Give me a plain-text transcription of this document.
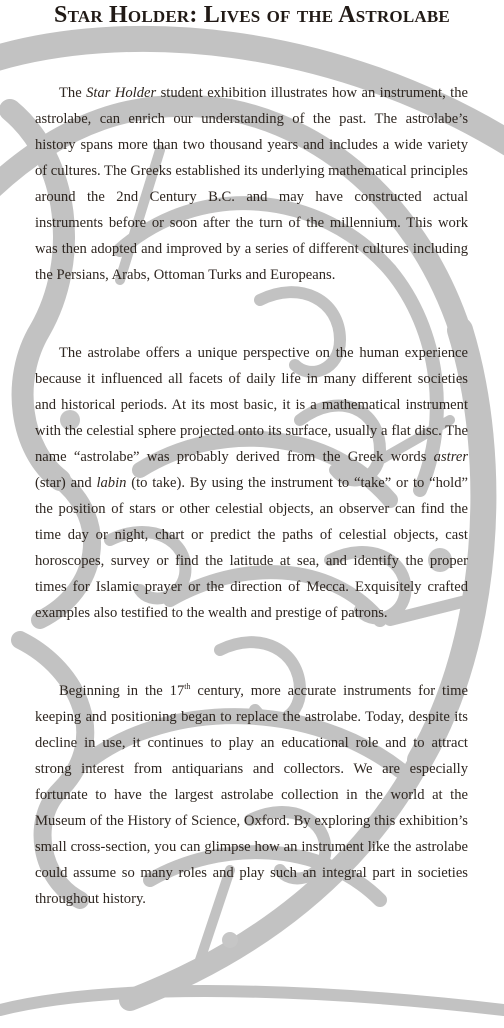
Star Holder: Lives of the Astrolabe

The Star Holder student exhibition illustrates how an instrument, the astrolabe, can enrich our understanding of the past. The astrolabe’s history spans more than two thousand years and includes a wide variety of cultures. The Greeks established its underlying mathematical principles around the 2nd Century B.C. and may have constructed actual instruments before or soon after the turn of the millennium. This work was then adopted and improved by a series of different cultures including the Persians, Arabs, Ottoman Turks and Europeans.

The astrolabe offers a unique perspective on the human experience because it influenced all facets of daily life in many different societies and historical periods. At its most basic, it is a mathematical instrument with the celestial sphere projected onto its surface, usually a flat disc. The name “astrolabe” was probably derived from the Greek words astrer (star) and labin (to take). By using the instrument to “take” or to “hold” the position of stars or other celestial objects, an observer can find the time day or night, chart or predict the paths of celestial objects, cast horoscopes, survey or find the latitude at sea, and identify the proper times for Islamic prayer or the direction of Mecca. Exquisitely crafted examples also testified to the wealth and prestige of patrons.

Beginning in the 17th century, more accurate instruments for time keeping and positioning began to replace the astrolabe. Today, despite its decline in use, it continues to play an educational role and to attract strong interest from antiquarians and collectors. We are especially fortunate to have the largest astrolabe collection in the world at the Museum of the History of Science, Oxford. By exploring this exhibition’s small cross-section, you can glimpse how an instrument like the astrolabe could assume so many roles and play such an integral part in societies throughout history.
